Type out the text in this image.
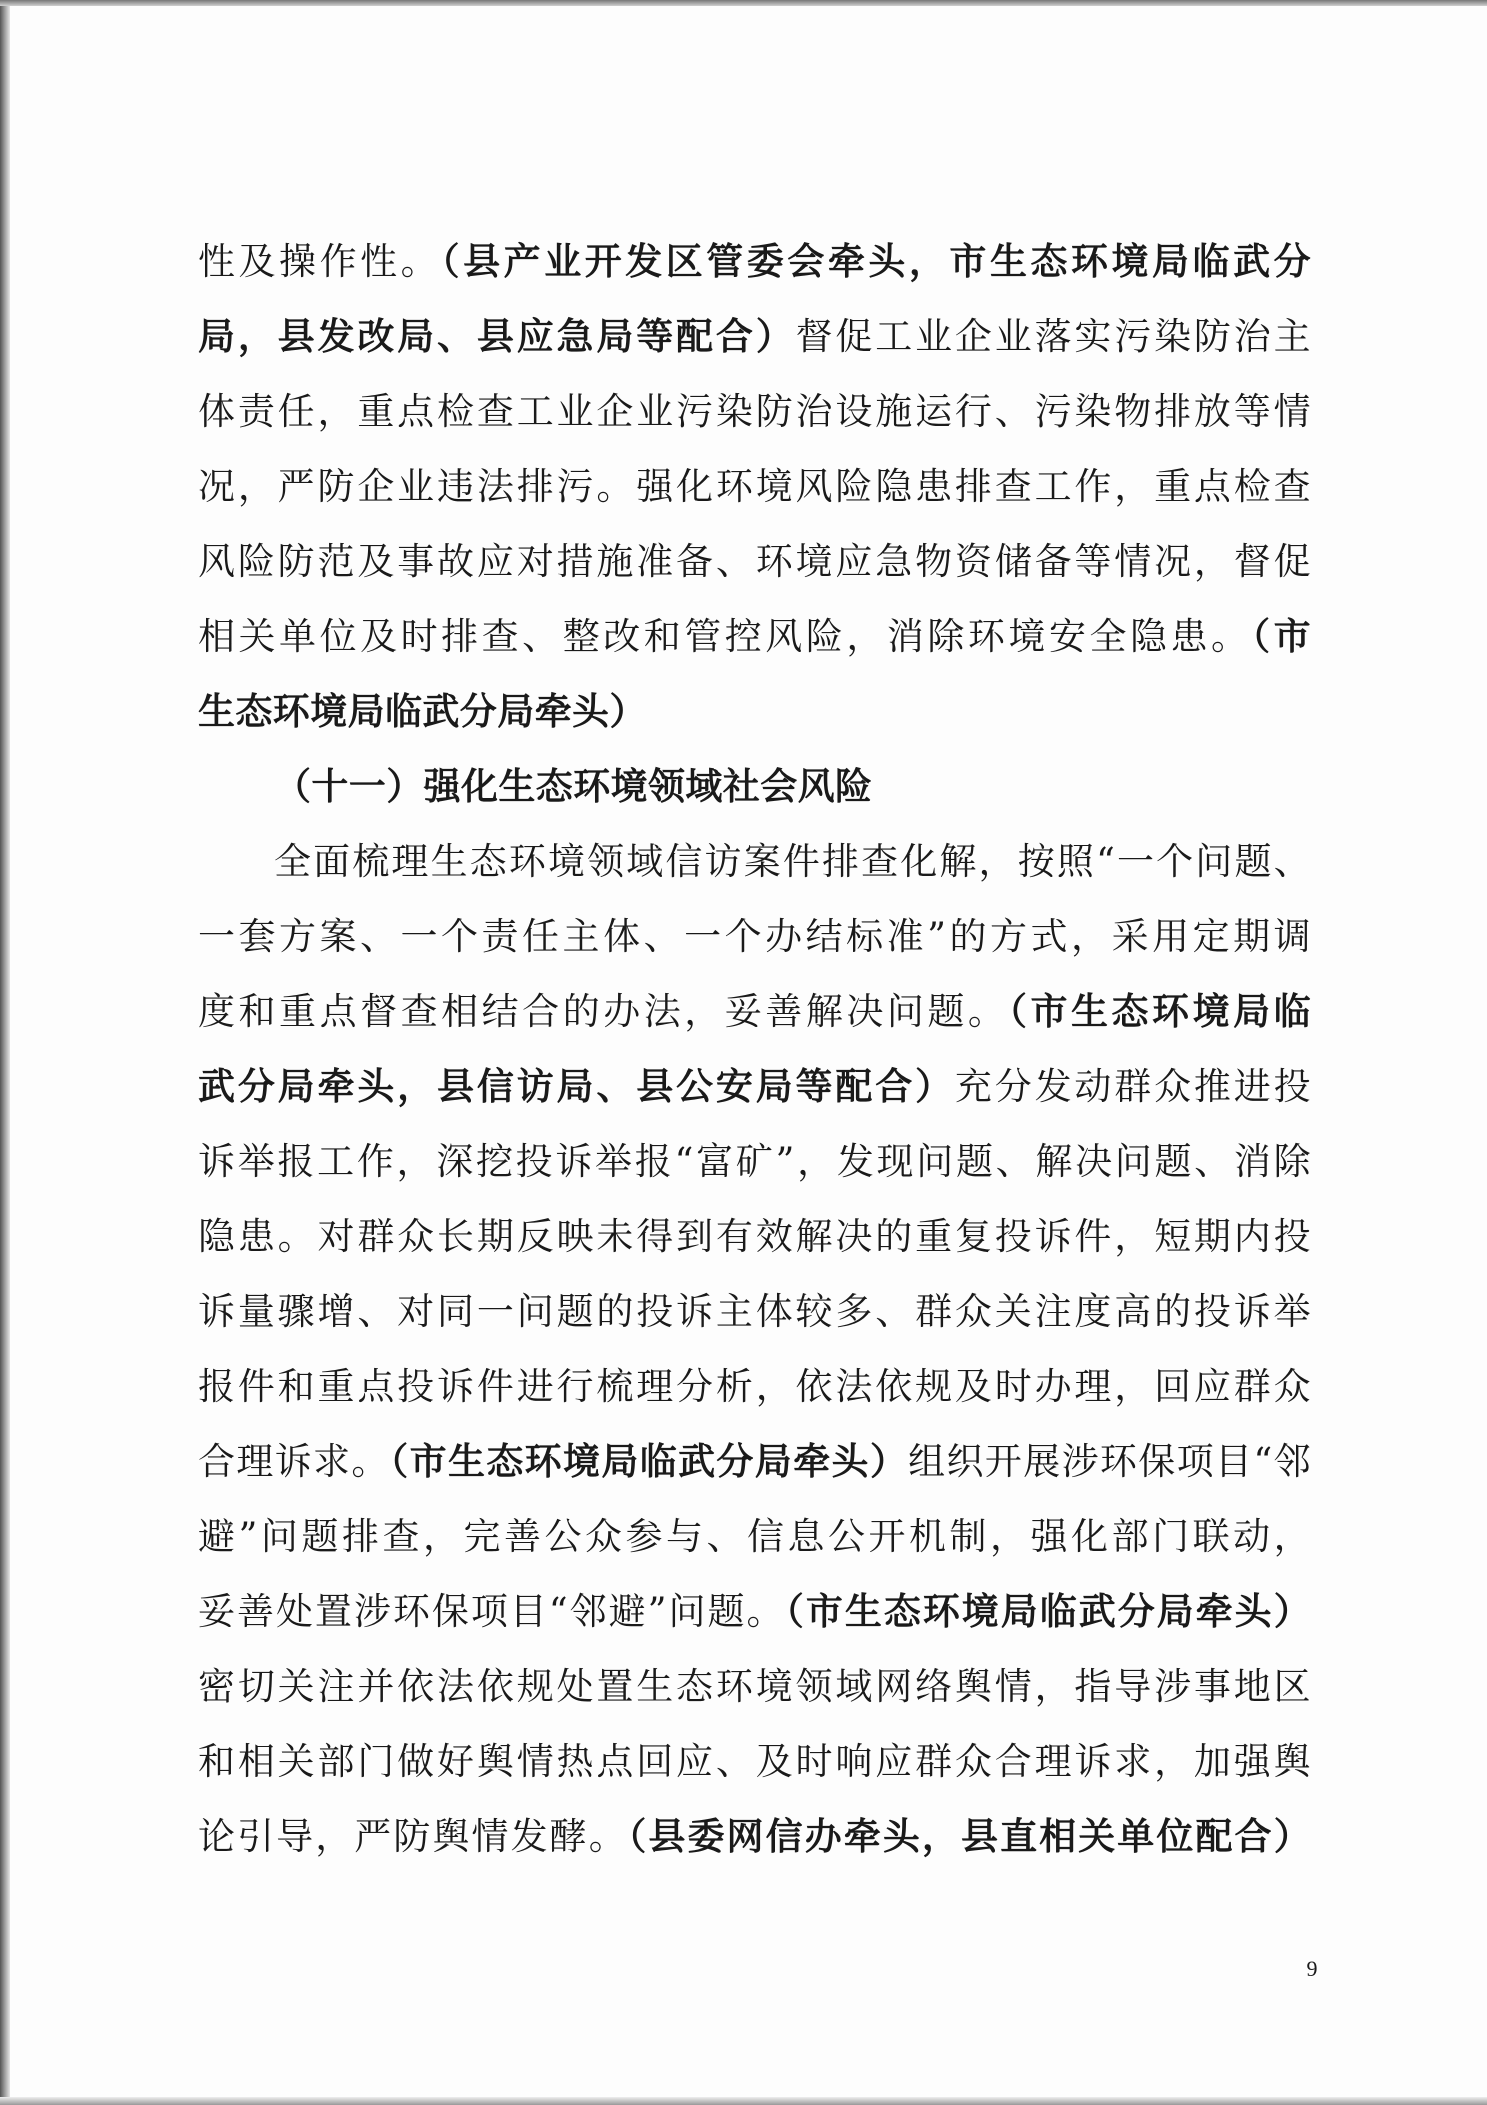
性及操作性。（县产业开发区管委会牵头，市生态环境局临武分
局，县发改局、县应急局等配合）督促工业企业落实污染防治主
体责任，重点检查工业企业污染防治设施运行、污染物排放等情
况，严防企业违法排污。强化环境风险隐患排查工作，重点检查
风险防范及事故应对措施准备、环境应急物资储备等情况，督促
相关单位及时排查、整改和管控风险，消除环境安全隐患。（市
生态环境局临武分局牵头）
（十一）强化生态环境领域社会风险
全面梳理生态环境领域信访案件排查化解，按照“一个问题、
一套方案、一个责任主体、一个办结标准”的方式，采用定期调
度和重点督查相结合的办法，妥善解决问题。（市生态环境局临
武分局牵头，县信访局、县公安局等配合）充分发动群众推进投
诉举报工作，深挖投诉举报“富矿”，发现问题、解决问题、消除
隐患。对群众长期反映未得到有效解决的重复投诉件，短期内投
诉量骤增、对同一问题的投诉主体较多、群众关注度高的投诉举
报件和重点投诉件进行梳理分析，依法依规及时办理，回应群众
合理诉求。（市生态环境局临武分局牵头）组织开展涉环保项目“邻
避”问题排查，完善公众参与、信息公开机制，强化部门联动，
妥善处置涉环保项目“邻避”问题。（市生态环境局临武分局牵头）
密切关注并依法依规处置生态环境领域网络舆情，指导涉事地区
和相关部门做好舆情热点回应、及时响应群众合理诉求，加强舆
论引导，严防舆情发酵。（县委网信办牵头，县直相关单位配合）
9
